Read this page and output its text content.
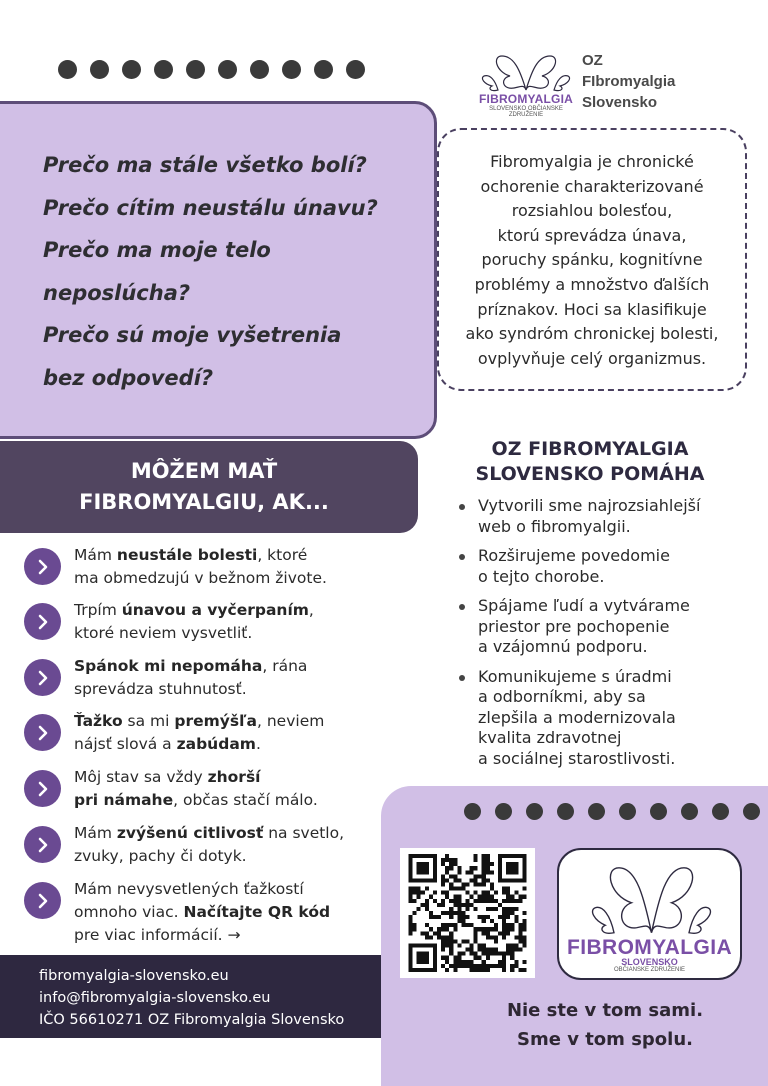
FIBROMYALGIA
SLOVENSKO OBČIANSKE ZDRUŽENIE
OZ
FIbromyalgia
Slovensko
Prečo ma stále všetko bolí?
Prečo cítim neustálu únavu?
Prečo ma moje telo
neposlúcha?
Prečo sú moje vyšetrenia
bez odpovedí?
Fibromyalgia je chronické
ochorenie charakterizované
rozsiahlou bolesťou,
ktorú sprevádza únava,
poruchy spánku, kognitívne
problémy a množstvo ďalších
príznakov. Hoci sa klasifikuje
ako syndróm chronickej bolesti,
ovplyvňuje celý organizmus.
MÔŽEM MAŤ
FIBROMYALGIU, AK...
OZ FIBROMYALGIA
SLOVENSKO POMÁHA
Vytvorili sme najrozsiahlejší
web o fibromyalgii.
Rozširujeme povedomie
o tejto chorobe.
Spájame ľudí a vytvárame
priestor pre pochopenie
a vzájomnú podporu.
Komunikujeme s úradmi
a odborníkmi, aby sa
zlepšila a modernizovala
kvalita zdravotnej
a sociálnej starostlivosti.
Mám neustále bolesti, ktoré
ma obmedzujú v bežnom živote.
Trpím únavou a vyčerpaním,
ktoré neviem vysvetliť.
Spánok mi nepomáha, rána
sprevádza stuhnutosť.
Ťažko sa mi premýšľa, neviem
nájsť slová a zabúdam.
Môj stav sa vždy zhorší
pri námahe, občas stačí málo.
Mám zvýšenú citlivosť na svetlo,
zvuky, pachy či dotyk.
Mám nevysvetlených ťažkostí
omnoho viac. Načítajte QR kód
pre viac informácií. →
fibromyalgia-slovensko.eu
info@fibromyalgia-slovensko.eu
IČO 56610271 OZ Fibromyalgia Slovensko
FIBROMYALGIA
SLOVENSKO
OBČIANSKE ZDRUŽENIE
Nie ste v tom sami.
Sme v tom spolu.
